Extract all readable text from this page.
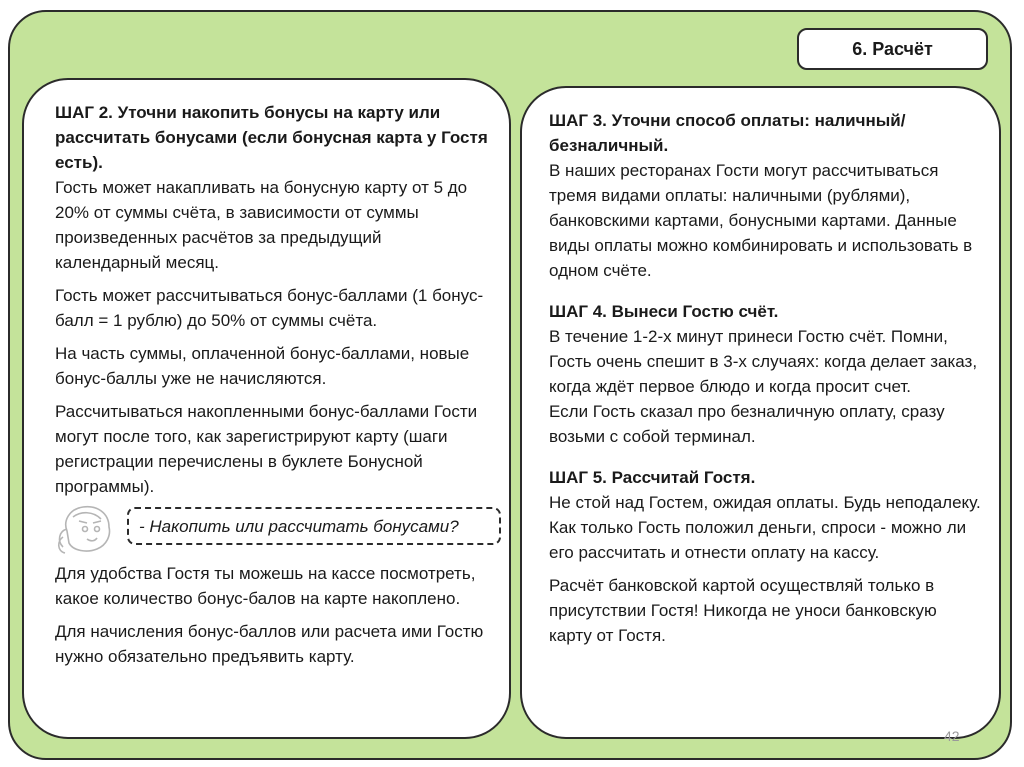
6. Расчёт

ШАГ 2. Уточни накопить бонусы на карту или рассчитать бонусами (если бонусная карта у Гостя есть).

Гость может накапливать на бонусную карту от 5 до 20% от суммы счёта, в зависимости от суммы произведенных расчётов за предыдущий календарный месяц.

Гость может рассчитываться бонус-баллами (1 бонус-балл = 1 рублю) до 50% от суммы счёта.

На часть суммы, оплаченной бонус-баллами, новые бонус-баллы уже не начисляются.

Рассчитываться накопленными бонус-баллами Гости могут после того, как зарегистрируют карту (шаги регистрации перечислены в буклете Бонусной программы).

- Накопить или рассчитать бонусами?

Для удобства Гостя ты можешь на кассе посмотреть, какое количество бонус-балов на карте накоплено.

Для начисления бонус-баллов или расчета ими Гостю нужно обязательно предъявить карту.

ШАГ 3. Уточни способ оплаты: наличный/ безналичный.
В наших ресторанах Гости могут рассчитываться тремя видами оплаты: наличными (рублями), банковскими картами, бонусными картами. Данные виды оплаты можно комбинировать и использовать в одном счёте.
ШАГ 4. Вынеси Гостю счёт.
В течение 1-2-х минут принеси Гостю счёт. Помни, Гость очень спешит в 3-х случаях: когда делает заказ, когда ждёт первое блюдо и когда просит счет.
Если Гость сказал про безналичную оплату, сразу возьми с собой терминал.
ШАГ 5. Рассчитай Гостя.
Не стой над Гостем, ожидая оплаты. Будь неподалеку. Как только Гость положил деньги, спроси - можно ли его рассчитать и отнести оплату на кассу.

Расчёт банковской картой осуществляй только в присутствии Гостя! Никогда не уноси банковскую карту от Гостя.

42
